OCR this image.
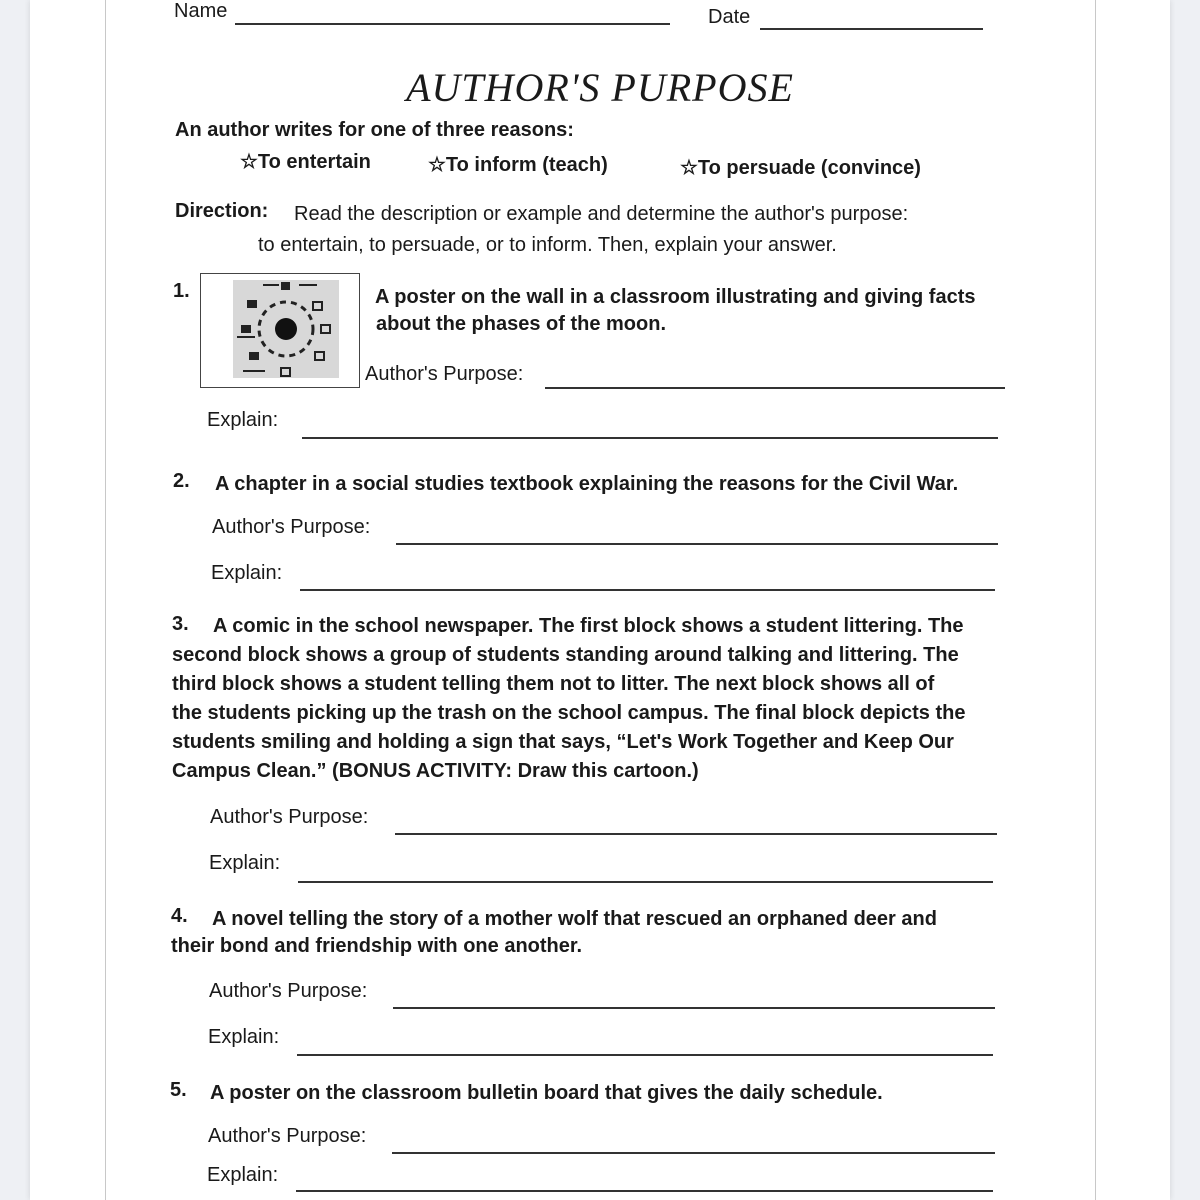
Name	Date
AUTHOR'S PURPOSE
An author writes for one of three reasons:
☆To entertain	☆To inform (teach)	☆To persuade (convince)
Direction: Read the description or example and determine the author's purpose:
to entertain, to persuade, or to inform. Then, explain your answer.
1.	A poster on the wall in a classroom illustrating and giving facts
about the phases of the moon.
Author's Purpose:
Explain:
2. A chapter in a social studies textbook explaining the reasons for the Civil War.
Author's Purpose:
Explain:
3. A comic in the school newspaper. The first block shows a student littering. The
second block shows a group of students standing around talking and littering. The
third block shows a student telling them not to litter. The next block shows all of
the students picking up the trash on the school campus. The final block depicts the
students smiling and holding a sign that says, “Let's Work Together and Keep Our
Campus Clean.” (BONUS ACTIVITY: Draw this cartoon.)
Author's Purpose:
Explain:
4. A novel telling the story of a mother wolf that rescued an orphaned deer and
their bond and friendship with one another.
Author's Purpose:
Explain:
5. A poster on the classroom bulletin board that gives the daily schedule.
Author's Purpose:
Explain:
